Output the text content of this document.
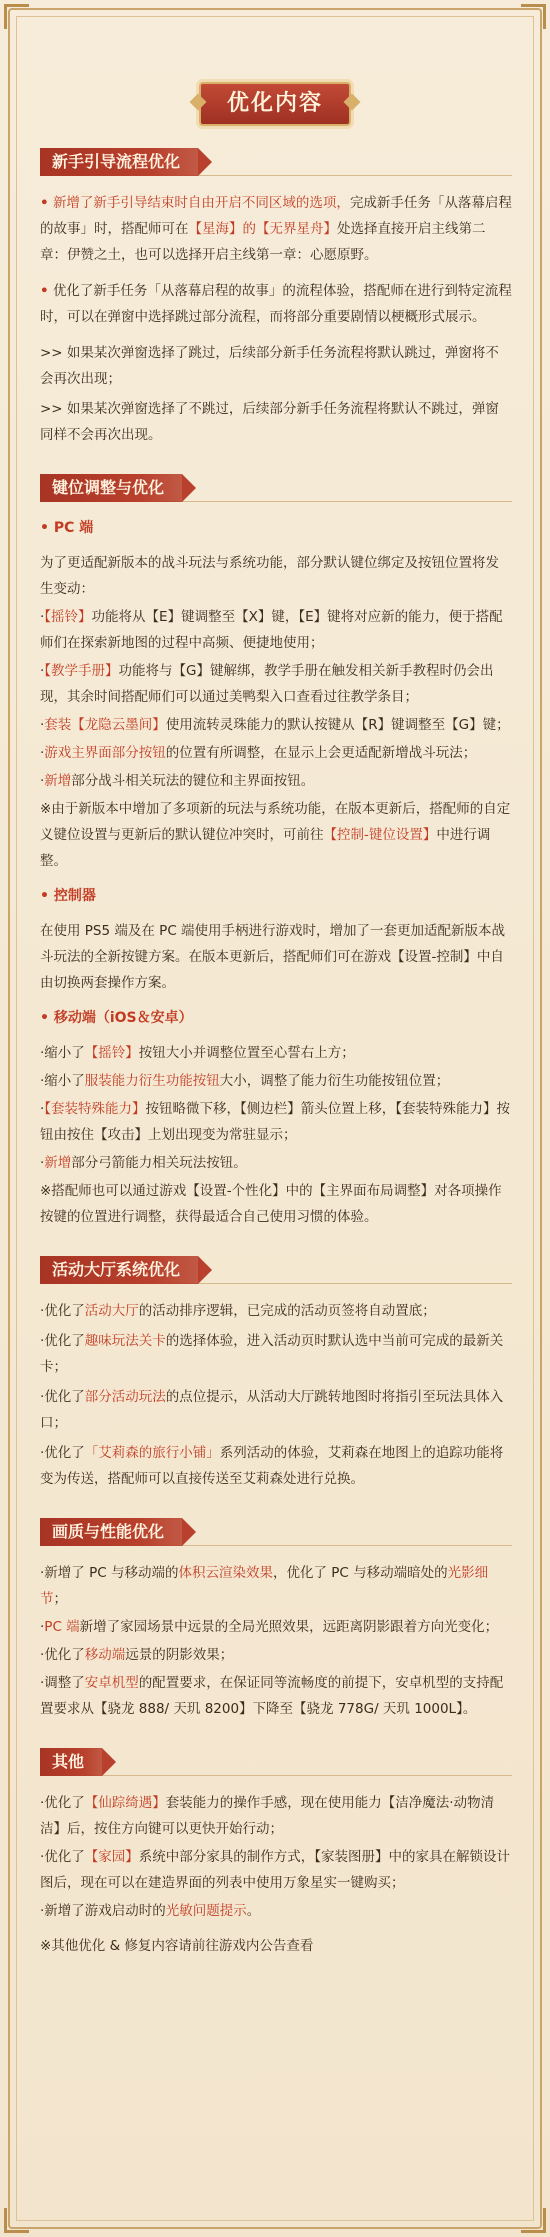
优化内容
新手引导流程优化

• 新增了新手引导结束时自由开启不同区域的选项，完成新手任务「从落幕启程的故事」时，搭配师可在【星海】的【无界星舟】处选择直接开启主线第二章：伊赞之土，也可以选择开启主线第一章：心愿原野。

• 优化了新手任务「从落幕启程的故事」的流程体验，搭配师在进行到特定流程时，可以在弹窗中选择跳过部分流程，而将部分重要剧情以梗概形式展示。

>> 如果某次弹窗选择了跳过，后续部分新手任务流程将默认跳过，弹窗将不会再次出现；

>> 如果某次弹窗选择了不跳过，后续部分新手任务流程将默认不跳过，弹窗同样不会再次出现。

键位调整与优化
• PC 端

为了更适配新版本的战斗玩法与系统功能，部分默认键位绑定及按钮位置将发生变动：

·【摇铃】功能将从【E】键调整至【X】键，【E】键将对应新的能力，便于搭配师们在探索新地图的过程中高频、便捷地使用；

·【教学手册】功能将与【G】键解绑，教学手册在触发相关新手教程时仍会出现，其余时间搭配师们可以通过美鸭梨入口查看过往教学条目；

·套装【龙隐云墨间】使用流转灵珠能力的默认按键从【R】键调整至【G】键；

·游戏主界面部分按钮的位置有所调整，在显示上会更适配新增战斗玩法；

·新增部分战斗相关玩法的键位和主界面按钮。

※由于新版本中增加了多项新的玩法与系统功能，在版本更新后，搭配师的自定义键位设置与更新后的默认键位冲突时，可前往【控制-键位设置】中进行调整。

• 控制器

在使用 PS5 端及在 PC 端使用手柄进行游戏时，增加了一套更加适配新版本战斗玩法的全新按键方案。在版本更新后，搭配师们可在游戏【设置-控制】中自由切换两套操作方案。

• 移动端（iOS＆安卓）

·缩小了【摇铃】按钮大小并调整位置至心誓右上方；

·缩小了服装能力衍生功能按钮大小，调整了能力衍生功能按钮位置；

·【套装特殊能力】按钮略微下移，【侧边栏】箭头位置上移，【套装特殊能力】按钮由按住【攻击】上划出现变为常驻显示；

·新增部分弓箭能力相关玩法按钮。

※搭配师也可以通过游戏【设置-个性化】中的【主界面布局调整】对各项操作按键的位置进行调整，获得最适合自己使用习惯的体验。

活动大厅系统优化

·优化了活动大厅的活动排序逻辑，已完成的活动页签将自动置底；

·优化了趣味玩法关卡的选择体验，进入活动页时默认选中当前可完成的最新关卡；

·优化了部分活动玩法的点位提示，从活动大厅跳转地图时将指引至玩法具体入口；

·优化了「艾莉森的旅行小铺」系列活动的体验，艾莉森在地图上的追踪功能将变为传送，搭配师可以直接传送至艾莉森处进行兑换。

画质与性能优化

·新增了 PC 与移动端的体积云渲染效果，优化了 PC 与移动端暗处的光影细节；

·PC 端新增了家园场景中远景的全局光照效果，远距离阴影跟着方向光变化；

·优化了移动端远景的阴影效果；

·调整了安卓机型的配置要求，在保证同等流畅度的前提下，安卓机型的支持配置要求从【骁龙 888/ 天玑 8200】下降至【骁龙 778G/ 天玑 1000L】。

其他

·优化了【仙踪绮遇】套装能力的操作手感，现在使用能力【洁净魔法·动物清洁】后，按住方向键可以更快开始行动；

·优化了【家园】系统中部分家具的制作方式，【家装图册】中的家具在解锁设计图后，现在可以在建造界面的列表中使用万象星实一键购买；

·新增了游戏启动时的光敏问题提示。

※其他优化 & 修复内容请前往游戏内公告查看
